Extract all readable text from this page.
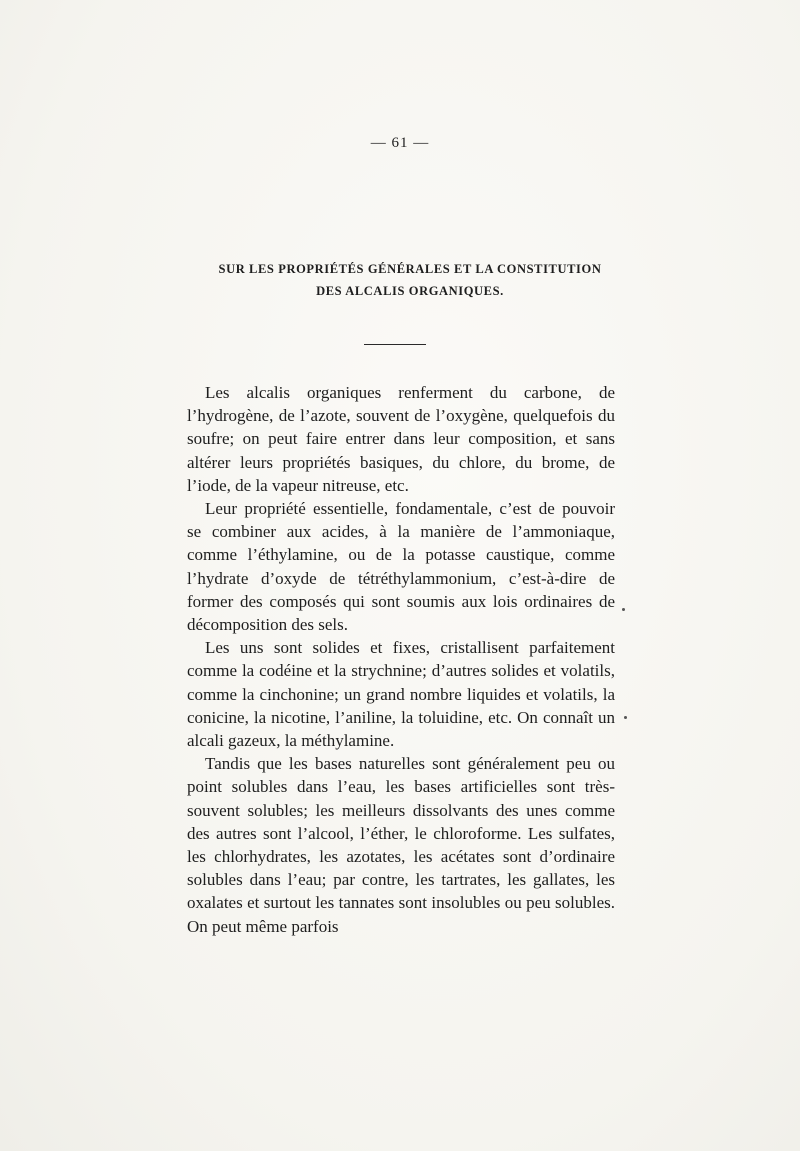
— 61 —
SUR LES PROPRIÉTÉS GÉNÉRALES ET LA CONSTITUTION
DES ALCALIS ORGANIQUES.

Les alcalis organiques renferment du carbone, de l’hydrogène, de l’azote, souvent de l’oxygène, quelquefois du soufre; on peut faire entrer dans leur composition, et sans altérer leurs propriétés basiques, du chlore, du brome, de l’iode, de la vapeur nitreuse, etc.

Leur propriété essentielle, fondamentale, c’est de pouvoir se combiner aux acides, à la manière de l’ammoniaque, comme l’éthylamine, ou de la potasse caustique, comme l’hydrate d’oxyde de tétréthylammonium, c’est-à-dire de former des composés qui sont soumis aux lois ordinaires de décomposition des sels.

Les uns sont solides et fixes, cristallisent parfaitement comme la codéine et la strychnine; d’autres solides et volatils, comme la cinchonine; un grand nombre liquides et volatils, la conicine, la nicotine, l’aniline, la toluidine, etc. On connaît un alcali gazeux, la méthylamine.

Tandis que les bases naturelles sont généralement peu ou point solubles dans l’eau, les bases artificielles sont très-souvent solubles; les meilleurs dissolvants des unes comme des autres sont l’alcool, l’éther, le chloroforme. Les sulfates, les chlorhydrates, les azotates, les acétates sont d’ordinaire solubles dans l’eau; par contre, les tartrates, les gallates, les oxalates et surtout les tannates sont insolubles ou peu solubles. On peut même parfois
